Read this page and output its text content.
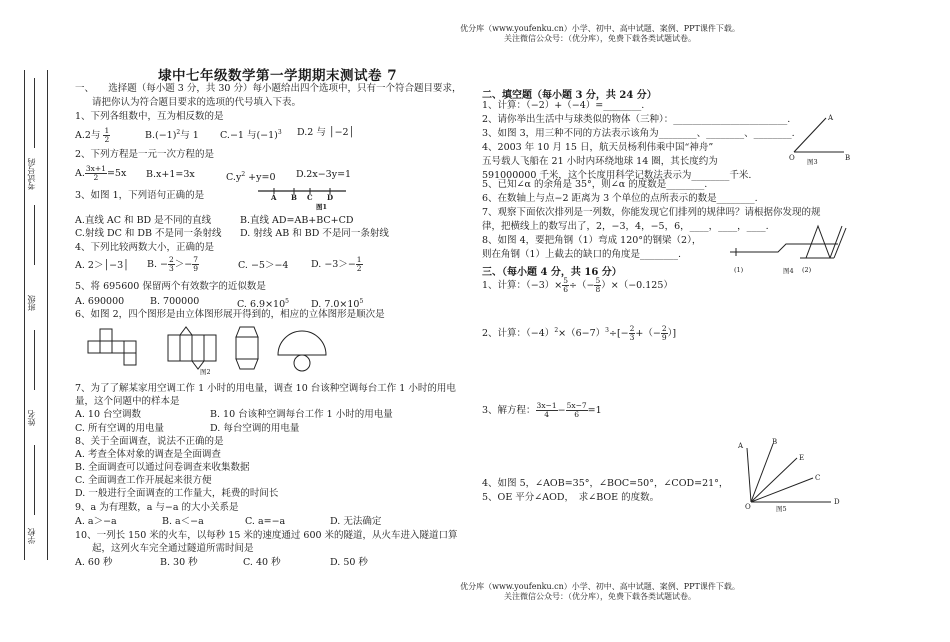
优分库（www.youfenku.cn）小学、初中、高中试题、案例、PPT课件下载。
关注微信公众号：（优分库），免费下载各类试题试卷。
优分库（www.youfenku.cn）小学、初中、高中试题、案例、PPT课件下载。
关注微信公众号：（优分库），免费下载各类试题试卷。
考试号码
班级
姓名
学校
埭中七年级数学第一学期期末测试卷 7
一、　　选择题（每小题 3 分，共 30 分）每小题给出四个选项中，只有一个符合题目要求，
请把你认为符合题目要求的选项的代号填入下表。
1、下列各组数中，互为相反数的是
A.2与 $\frac{1}{2}$	$B.(-1)^2$与 1 C.−1 与$(-1)^3$ D.2 与 │−2│
2、下列方程是一元一次方程的是
A. $\frac{3x+1}{2} =5x$ B.x+1=3x	$C.y^2 +y=0$ D.2x−3y=1
3、如图 1，下列语句正确的是	A B C D
图1
A.直线 AC 和 BD 是不同的直线	B.直线 AD=AB+BC+CD
C.射线 DC 和 DB 不是同一条射线 D. 射线 AB 和 BD 不是同一条射线
4、下列比较两数大小，正确的是
A. 2＞│−3│ B. − $\frac{2}{3} >- \frac{7}{9}$	C. −5＞−4 D. $-3>- \frac{1}{2}$
5、将 695600 保留两个有效数字的近似数是
A. 690000	B. 700000	C. $6.9\times 10^5$ D. $7.0\times 10^5$
6、如图 2，四个图形是由立体图形展开得到的，相应的立体图形是顺次是
图2
7、为了了解某家用空调工作 1 小时的用电量，调查 10 台该种空调每台工作 1 小时的用电
量，这个问题中的样本是
A. 10 台空调数	B. 10 台该种空调每台工作 1 小时的用电量
C. 所有空调的用电量	D. 每台空调的用电量
8、关于全面调查，说法不正确的是
A. 考查全体对象的调查是全面调查
B. 全面调查可以通过问卷调查来收集数据
C. 全面调查工作开展起来很方便
D. 一般进行全面调查的工作量大，耗费的时间长
9、a 为有理数，a 与−a 的大小关系是
A. a＞−a	B. a＜−a	C. a=−a	D. 无法确定
10、一列长 150 米的火车，以每秒 15 米的速度通过 600 米的隧道，从火车进入隧道口算
起，这列火车完全通过隧道所需时间是
A. 60 秒	B. 30 秒	C. 40 秒	D. 50 秒
二、填空题（每小题 3 分，共 24 分）
1、计算：（−2）+（−4）=________.
2、请你举出生活中与球类似的物体（三种）：________________________.
3、如图 3，用三种不同的方法表示该角为________、________、________.
4、2003 年 10 月 15 日，航天员杨利伟乘中国“神舟”
五号载人飞船在 21 小时内环绕地球 14 圈，其长度约为
591000000 千米，这个长度用科学记数法表示为________千米.
A
O	B
图3
5、已知∠α 的余角是 35°，则∠α 的度数是________.
6、在数轴上与点−2 距离为 3 个单位的点所表示的数是________.
7、观察下面依次排列是一列数，你能发现它们排列的规律吗？请根据你发现的规
律，把横线上的数写出了，2，−3，4，−5，6，____，____，____.
8、如图 4，要把角钢（1）弯成 120°的钢梁（2），
则在角钢（1）上截去的缺口的角度是________.
三、（每小题 4 分，共 16 分）
1、计算：$(-3)\times \frac{5}{6}$ ÷（− $\frac{5}{8} )\times(-0.125)$
(1)	图4 (2)
2、计算：$(-4)^2\times(6-7)^3\div[- \frac{2}{3}$ +（− $\frac{2}{9}$ ）]
3、解方程： $\frac{3x-1}{4} - \frac{5x-7}{6} =1$
4、如图 5，∠AOB=35°，∠BOC=50°，∠COD=21°，
5、OE 平分∠AOD，　求∠BOE 的度数。
A	B
E
C
D
O	图5
